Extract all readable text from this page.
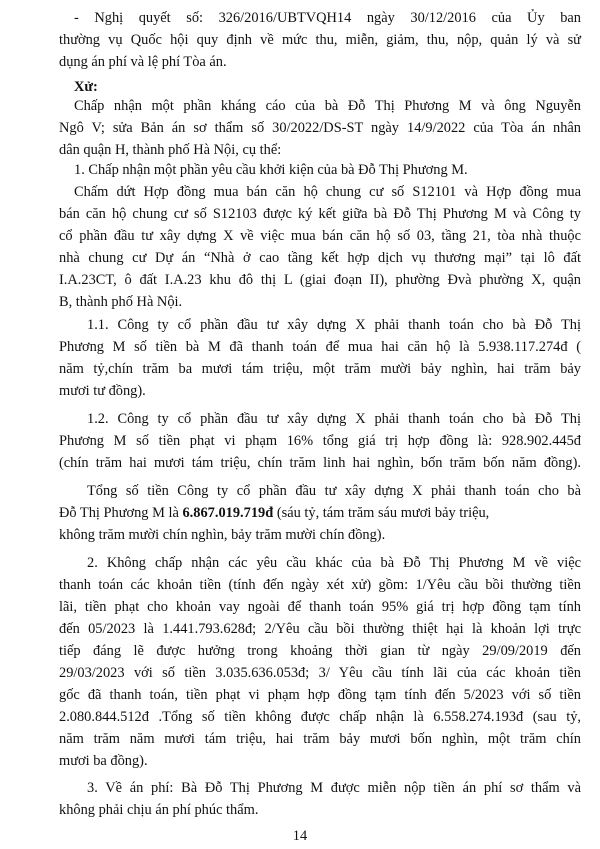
- Nghị quyết số: 326/2016/UBTVQH14 ngày 30/12/2016 của Ủy ban
thường vụ Quốc hội quy định về mức thu, miễn, giảm, thu, nộp, quản lý và sử
dụng án phí và lệ phí Tòa án.
Xử:
Chấp nhận một phần kháng cáo của bà Đỗ Thị Phương M và ông Nguyễn
Ngô V; sửa Bản án sơ thẩm số 30/2022/DS-ST ngày 14/9/2022 của Tòa án nhân
dân quận H, thành phố Hà Nội, cụ thể:
1. Chấp nhận một phần yêu cầu khởi kiện của bà Đỗ Thị Phương M.
Chấm dứt Hợp đồng mua bán căn hộ chung cư số S12101 và Hợp đồng mua
bán căn hộ chung cư số S12103 được ký kết giữa bà Đỗ Thị Phương M và Công ty
cổ phần đầu tư xây dựng X về việc mua bán căn hộ số 03, tầng 21, tòa nhà thuộc
nhà chung cư Dự án “Nhà ở cao tầng kết hợp dịch vụ thương mại” tại lô đất
I.A.23CT, ô đất I.A.23 khu đô thị L (giai đoạn II), phường Đvà phường X, quận
B, thành phố Hà Nội.
1.1. Công ty cổ phần đầu tư xây dựng X phải thanh toán cho bà Đỗ Thị
Phương M số tiền bà M đã thanh toán để mua hai căn hộ là 5.938.117.274đ (
năm tỷ,chín trăm ba mươi tám triệu, một trăm mười bảy nghìn, hai trăm bảy
mươi tư đồng).
1.2. Công ty cổ phần đầu tư xây dựng X phải thanh toán cho bà Đỗ Thị
Phương M số tiền phạt vi phạm 16% tổng giá trị hợp đồng là: 928.902.445đ
(chín trăm hai mươi tám triệu, chín trăm linh hai nghìn, bốn trăm bốn năm đồng).
Tổng số tiền Công ty cổ phần đầu tư xây dựng X phải thanh toán cho bà
Đỗ Thị Phương M là 6.867.019.719đ (sáu tỷ, tám trăm sáu mươi bảy triệu,
không trăm mười chín nghìn, bảy trăm mười chín đồng).
2. Không chấp nhận các yêu cầu khác của bà Đỗ Thị Phương M về việc
thanh toán các khoản tiền (tính đến ngày xét xử) gồm: 1/Yêu cầu bồi thường tiền
lãi, tiền phạt cho khoản vay ngoài để thanh toán 95% giá trị hợp đồng tạm tính
đến 05/2023 là 1.441.793.628đ; 2/Yêu cầu bồi thường thiệt hại là khoản lợi trực
tiếp đáng lẽ được hưởng trong khoảng thời gian từ ngày 29/09/2019 đến
29/03/2023 với số tiền 3.035.636.053đ; 3/ Yêu cầu tính lãi của các khoản tiền
gốc đã thanh toán, tiền phạt vi phạm hợp đồng tạm tính đến 5/2023 với số tiền
2.080.844.512đ .Tổng số tiền không được chấp nhận là 6.558.274.193đ (sau tỷ,
năm trăm năm mươi tám triệu, hai trăm bảy mươi bốn nghìn, một trăm chín
mươi ba đồng).
3. Về án phí: Bà Đỗ Thị Phương M được miễn nộp tiền án phí sơ thẩm và
không phải chịu án phí phúc thẩm.
14
